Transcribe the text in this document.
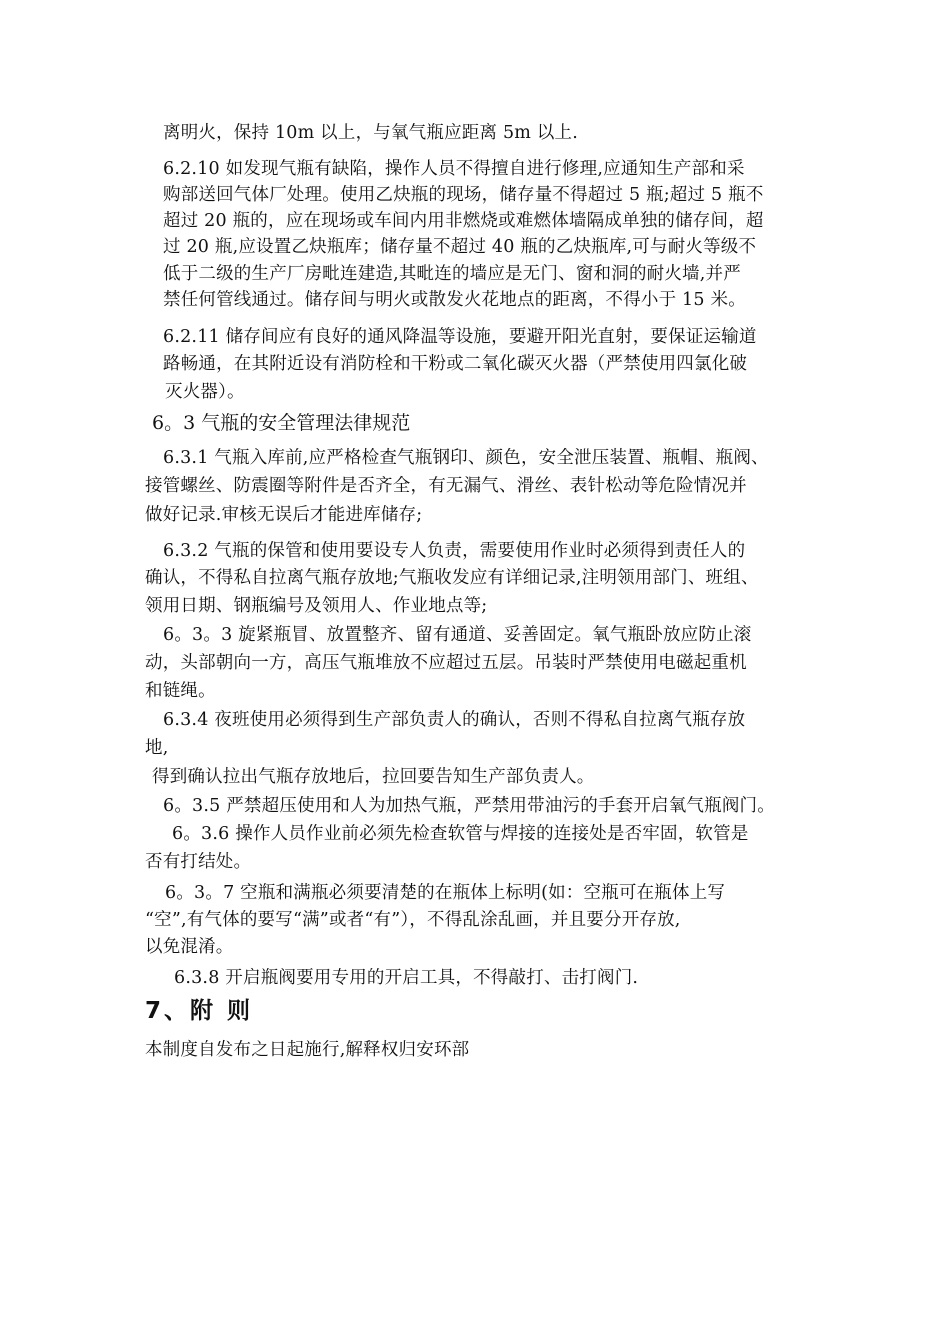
离明火，保持 10m 以上，与氧气瓶应距离 5m 以上.
6.2.10 如发现气瓶有缺陷，操作人员不得擅自进行修理,应通知生产部和采
购部送回气体厂处理。使用乙炔瓶的现场，储存量不得超过 5 瓶;超过 5 瓶不
超过 20 瓶的，应在现场或车间内用非燃烧或难燃体墙隔成单独的储存间，超
过 20 瓶,应设置乙炔瓶库；储存量不超过 40 瓶的乙炔瓶库,可与耐火等级不
低于二级的生产厂房毗连建造,其毗连的墙应是无门、窗和洞的耐火墙,并严
禁任何管线通过。储存间与明火或散发火花地点的距离，不得小于 15 米。
6.2.11 储存间应有良好的通风降温等设施，要避开阳光直射，要保证运输道
路畅通，在其附近设有消防栓和干粉或二氧化碳灭火器（严禁使用四氯化破
灭火器）。
6。3 气瓶的安全管理法律规范
6.3.1 气瓶入库前,应严格检查气瓶钢印、颜色，安全泄压装置、瓶帽、瓶阀、
接管螺丝、防震圈等附件是否齐全，有无漏气、滑丝、表针松动等危险情况并
做好记录.审核无误后才能进库储存;
6.3.2 气瓶的保管和使用要设专人负责，需要使用作业时必须得到责任人的
确认，不得私自拉离气瓶存放地;气瓶收发应有详细记录,注明领用部门、班组、
领用日期、钢瓶编号及领用人、作业地点等;
6。3。3 旋紧瓶冒、放置整齐、留有通道、妥善固定。氧气瓶卧放应防止滚
动，头部朝向一方，高压气瓶堆放不应超过五层。吊装时严禁使用电磁起重机
和链绳。
6.3.4 夜班使用必须得到生产部负责人的确认，否则不得私自拉离气瓶存放
地,
得到确认拉出气瓶存放地后，拉回要告知生产部负责人。
6。3.5 严禁超压使用和人为加热气瓶，严禁用带油污的手套开启氧气瓶阀门。
6。3.6 操作人员作业前必须先检查软管与焊接的连接处是否牢固，软管是
否有打结处。
6。3。7 空瓶和满瓶必须要清楚的在瓶体上标明(如：空瓶可在瓶体上写
“空”,有气体的要写“满”或者“有”），不得乱涂乱画，并且要分开存放,
以免混淆。
6.3.8 开启瓶阀要用专用的开启工具，不得敲打、击打阀门.
7、附 则
本制度自发布之日起施行,解释权归安环部
